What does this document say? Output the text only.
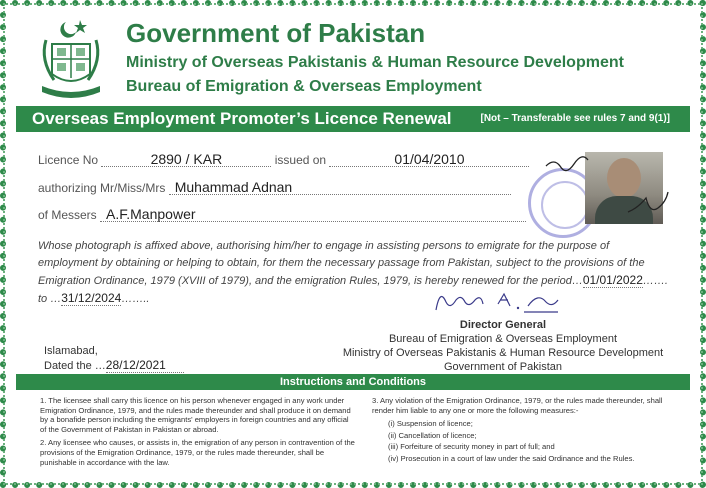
Government of Pakistan
Ministry of Overseas Pakistanis & Human Resource Development
Bureau of Emigration & Overseas Employment
Overseas Employment Promoter’s Licence Renewal	[Not – Transferable see rules 7 and 9(1)]
Licence No	2890 / KAR	issued on	01/04/2010
authorizing Mr/Miss/Mrs Muhammad Adnan
of Messers A.F.Manpower
Whose photograph is affixed above, authorising him/her to engage in assisting persons to emigrate for the purpose of employment by obtaining or helping to obtain, for them the necessary passage from Pakistan, subject to the provisions of the Emigration Ordinance, 1979 (XVIII of 1979), and the emigration Rules, 1979, is hereby renewed for the period…01/01/2022……. to …31/12/2024……..
Director General
Bureau of Emigration & Overseas Employment
Ministry of Overseas Pakistanis & Human Resource Development
Government of Pakistan
Islamabad,
Dated the …28/12/2021
Instructions and Conditions

1. The licensee shall carry this licence on his person whenever engaged in any work under Emigration Ordinance, 1979, and the rules made thereunder and shall produce it on demand by a bonafide person including the emigrants' employers in foreign countries and any official of the Government of Pakistan in Pakistan or abroad.

2. Any licensee who causes, or assists in, the emigration of any person in contravention of the provisions of the Emigration Ordinance, 1979, or the rules made thereunder, shall be punishable in accordance with the law.

3. Any violation of the Emigration Ordinance, 1979, or the rules made thereunder, shall render him liable to any one or more the following measures:-

(i) Suspension of licence;
(ii) Cancellation of licence;
(iii) Forfeiture of security money in part of full; and
(iv) Prosecution in a court of law under the said Ordinance and the Rules.
